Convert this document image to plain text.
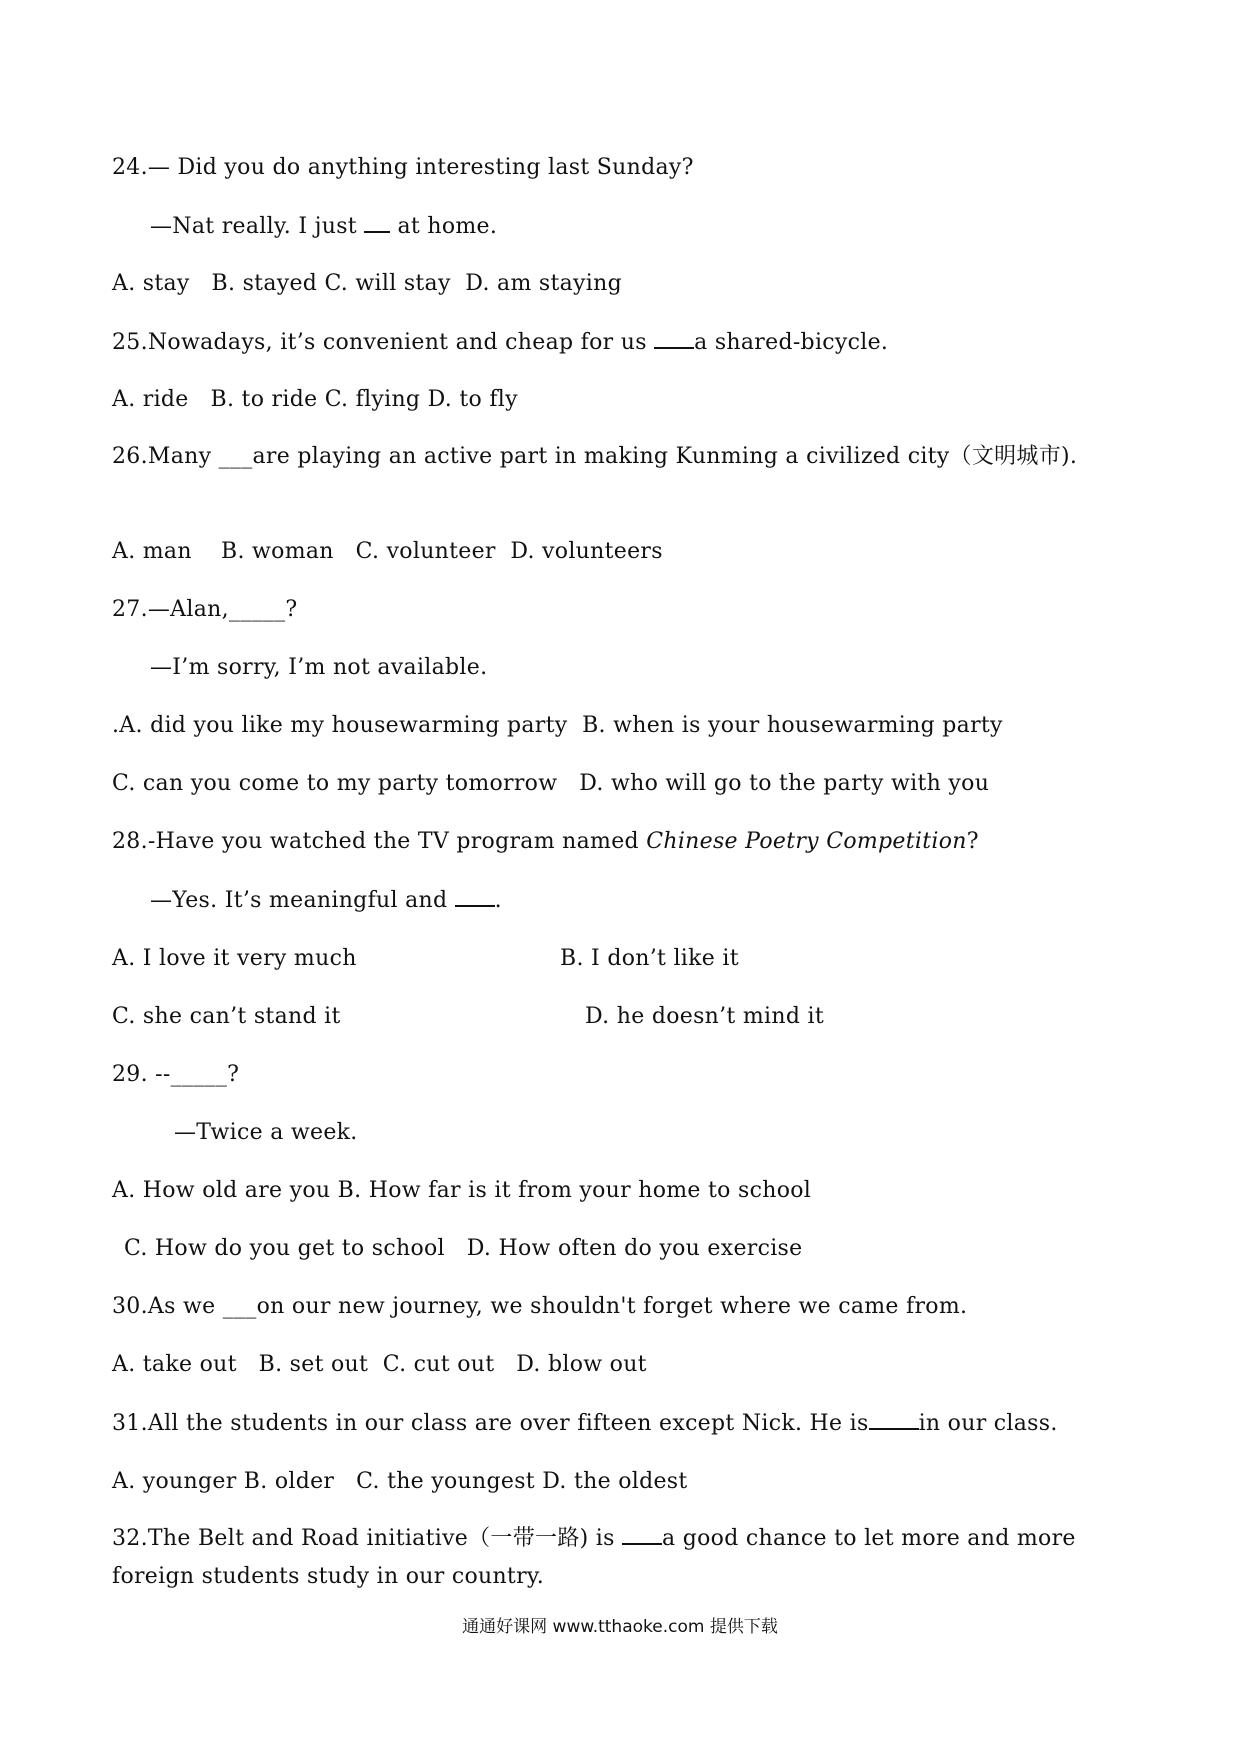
24.— Did you do anything interesting last Sunday?
—Nat really. I just  at home.
A. stay   B. stayed C. will stay  D. am staying
25.Nowadays, it’s convenient and cheap for us a shared-bicycle.
A. ride   B. to ride C. flying D. to fly
26.Many ___are playing an active part in making Kunming a civilized city（文明城市).
A. man    B. woman   C. volunteer  D. volunteers
27.—Alan,_____?
—I’m sorry, I’m not available.
.A. did you like my housewarming party  B. when is your housewarming party
C. can you come to my party tomorrow   D. who will go to the party with you
28.-Have you watched the TV program named Chinese Poetry Competition?
—Yes. It’s meaningful and .
A. I love it very much	B. I don’t like it
C. she can’t stand it	D. he doesn’t mind it
29. --_____?
—Twice a week.
A. How old are you B. How far is it from your home to school
C. How do you get to school   D. How often do you exercise
30.As we ___on our new journey, we shouldn't forget where we came from.
A. take out   B. set out  C. cut out   D. blow out
31.All the students in our class are over fifteen except Nick. He is in our class.
A. younger B. older   C. the youngest D. the oldest
32.The Belt and Road initiative（一带一路) is a good chance to let more and more foreign students study in our country.
通通好课网 www.tthaoke.com 提供下载
